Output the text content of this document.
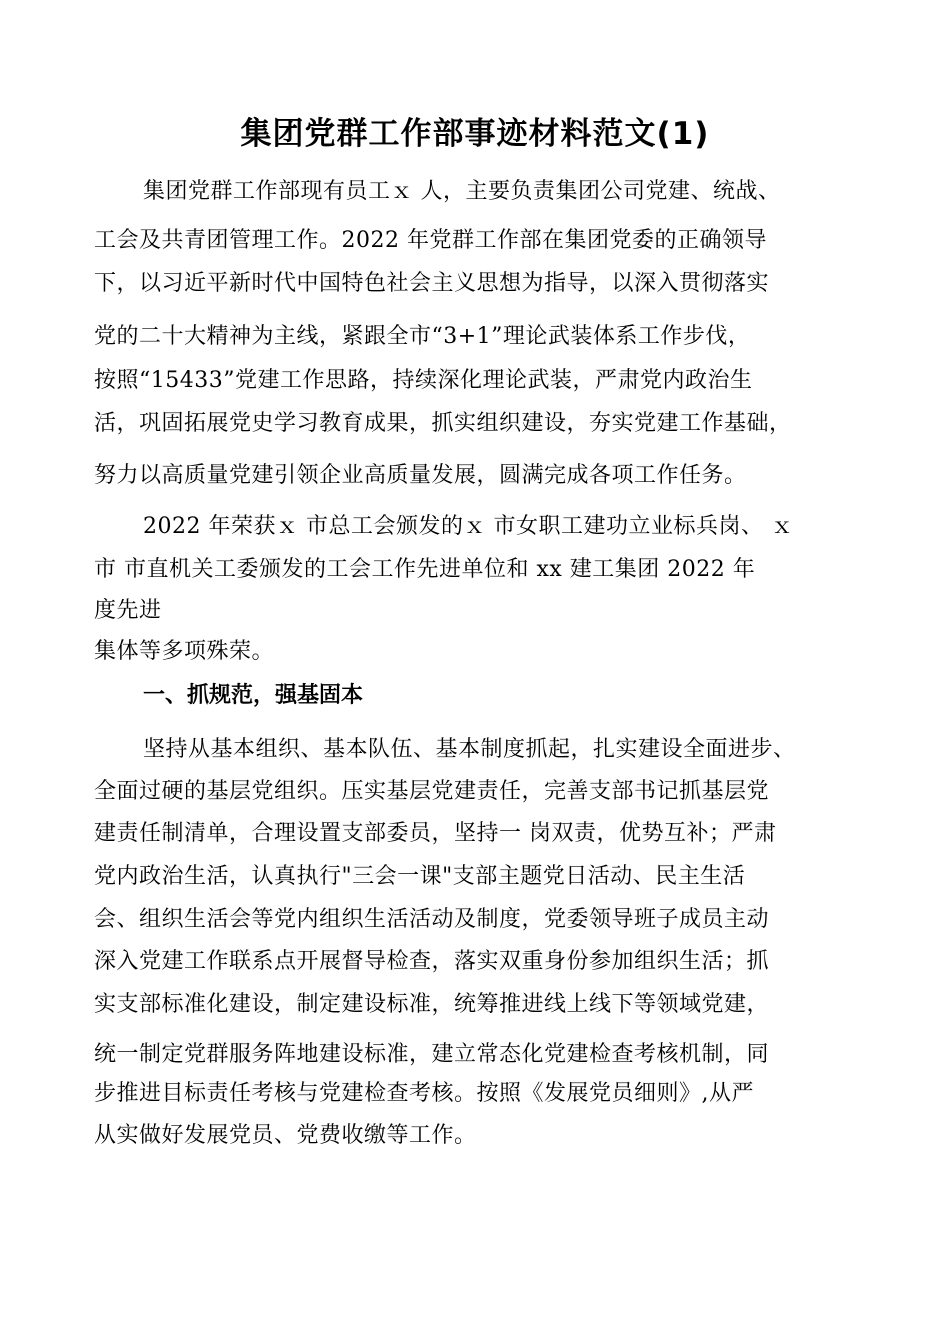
集团党群工作部事迹材料范文(1)
集团党群工作部现有员工ｘ 人，主要负责集团公司党建、统战、
工会及共青团管理工作。2022 年党群工作部在集团党委的正确领导
下，以习近平新时代中国特色社会主义思想为指导，以深入贯彻落实
党的二十大精神为主线，紧跟全市“3+1”理论武装体系工作步伐，
按照“15433”党建工作思路，持续深化理论武装，严肃党内政治生
活，巩固拓展党史学习教育成果，抓实组织建设，夯实党建工作基础，
努力以高质量党建引领企业高质量发展，圆满完成各项工作任务。
2022 年荣获ｘ 市总工会颁发的ｘ 市女职工建功立业标兵岗、 ｘ
市 市直机关工委颁发的工会工作先进单位和 xx 建工集团 2022 年
度先进
集体等多项殊荣。
一、抓规范，强基固本
坚持从基本组织、基本队伍、基本制度抓起，扎实建设全面进步、
全面过硬的基层党组织。压实基层党建责任，完善支部书记抓基层党
建责任制清单，合理设置支部委员，坚持一 岗双责，优势互补；严肃
党内政治生活，认真执行"三会一课"支部主题党日活动、民主生活
会、组织生活会等党内组织生活活动及制度，党委领导班子成员主动
深入党建工作联系点开展督导检查，落实双重身份参加组织生活；抓
实支部标准化建设，制定建设标准，统筹推进线上线下等领域党建，
统一制定党群服务阵地建设标准，建立常态化党建检查考核机制，同
步推进目标责任考核与党建检查考核。按照《发展党员细则》,从严
从实做好发展党员、党费收缴等工作。
